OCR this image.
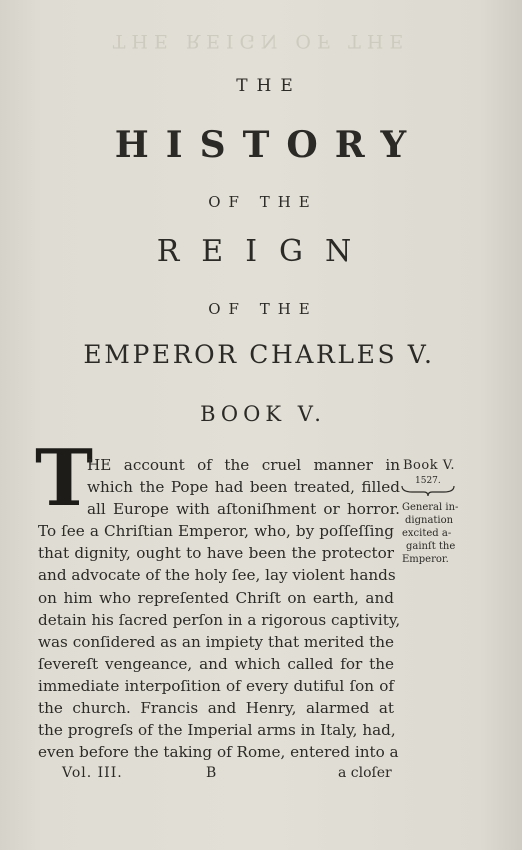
THE REIGN OF THE
THE
HISTORY
OF THE
REIGN
OF THE
EMPEROR CHARLES V.
BOOK V.
T
HE account of the cruel manner in
which the Pope had been treated, filled
all Europe with aſtoniſhment or horror.
To ſee a Chriſtian Emperor, who, by poſſeſſing
that dignity, ought to have been the protector
and advocate of the holy ſee, lay violent hands
on him who repreſented Chriſt on earth, and
detain his ſacred perſon in a rigorous captivity,
was conſidered as an impiety that merited the
ſevereſt vengeance, and which called for the
immediate interpoſition of every dutiful ſon of
the church. Francis and Henry, alarmed at
the progreſs of the Imperial arms in Italy, had,
even before the taking of Rome, entered into a
Book V.
1527.
General in-
dignation
excited a-
gainſt the
Emperor.
Vol. III.	B	a cloſer
